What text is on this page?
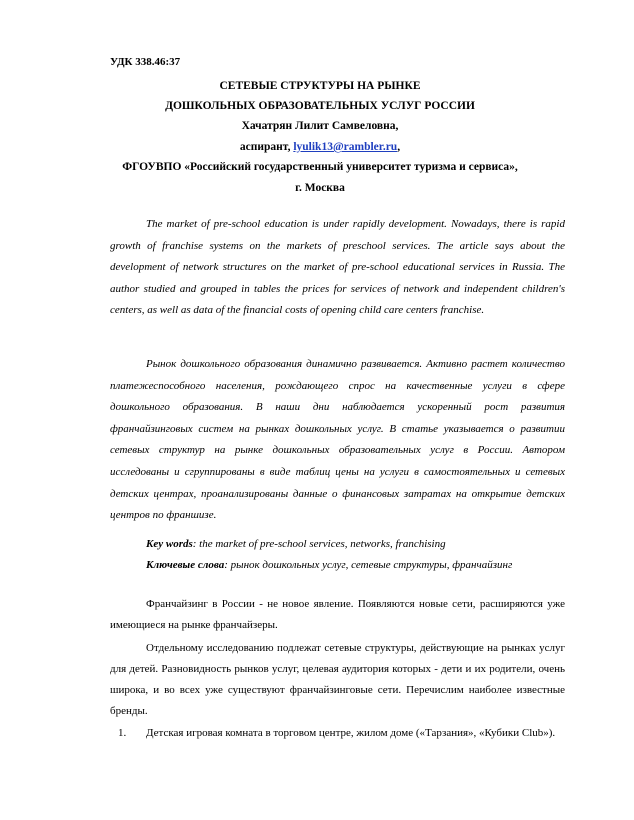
УДК 338.46:37
СЕТЕВЫЕ СТРУКТУРЫ НА РЫНКЕ
ДОШКОЛЬНЫХ ОБРАЗОВАТЕЛЬНЫХ УСЛУГ РОССИИ
Хачатрян Лилит Самвеловна,
аспирант, lyulik13@rambler.ru,
ФГОУВПО «Российский государственный университет туризма и сервиса»,
г. Москва

The market of pre-school education is under rapidly development. Nowadays, there is rapid growth of franchise systems on the markets of preschool services. The article says about the development of network structures on the market of pre-school educational services in Russia. The author studied and grouped in tables the prices for services of network and independent children's centers, as well as data of the financial costs of opening child care centers franchise.

Рынок дошкольного образования динамично развивается. Активно растет количество платежеспособного населения, рождающего спрос на качественные услуги в сфере дошкольного образования. В наши дни наблюдается ускоренный рост развития франчайзинговых систем на рынках дошкольных услуг. В статье указывается о развитии сетевых структур на рынке дошкольных образовательных услуг в России. Автором исследованы и сгруппированы в виде таблиц цены на услуги в самостоятельных и сетевых детских центрах, проанализированы данные о финансовых затратах на открытие детских центров по франшизе.

Key words: the market of pre-school services, networks, franchising
Ключевые слова: рынок дошкольных услуг, сетевые структуры, франчайзинг

Франчайзинг в России - не новое явление. Появляются новые сети, расширяются уже имеющиеся на рынке франчайзеры.

Отдельному исследованию подлежат сетевые структуры, действующие на рынках услуг для детей. Разновидность рынков услуг, целевая аудитория которых - дети и их родители, очень широка, и во всех уже существуют франчайзинговые сети. Перечислим наиболее известные бренды.

1. Детская игровая комната в торговом центре, жилом доме («Тарзания», «Кубики Club»).
